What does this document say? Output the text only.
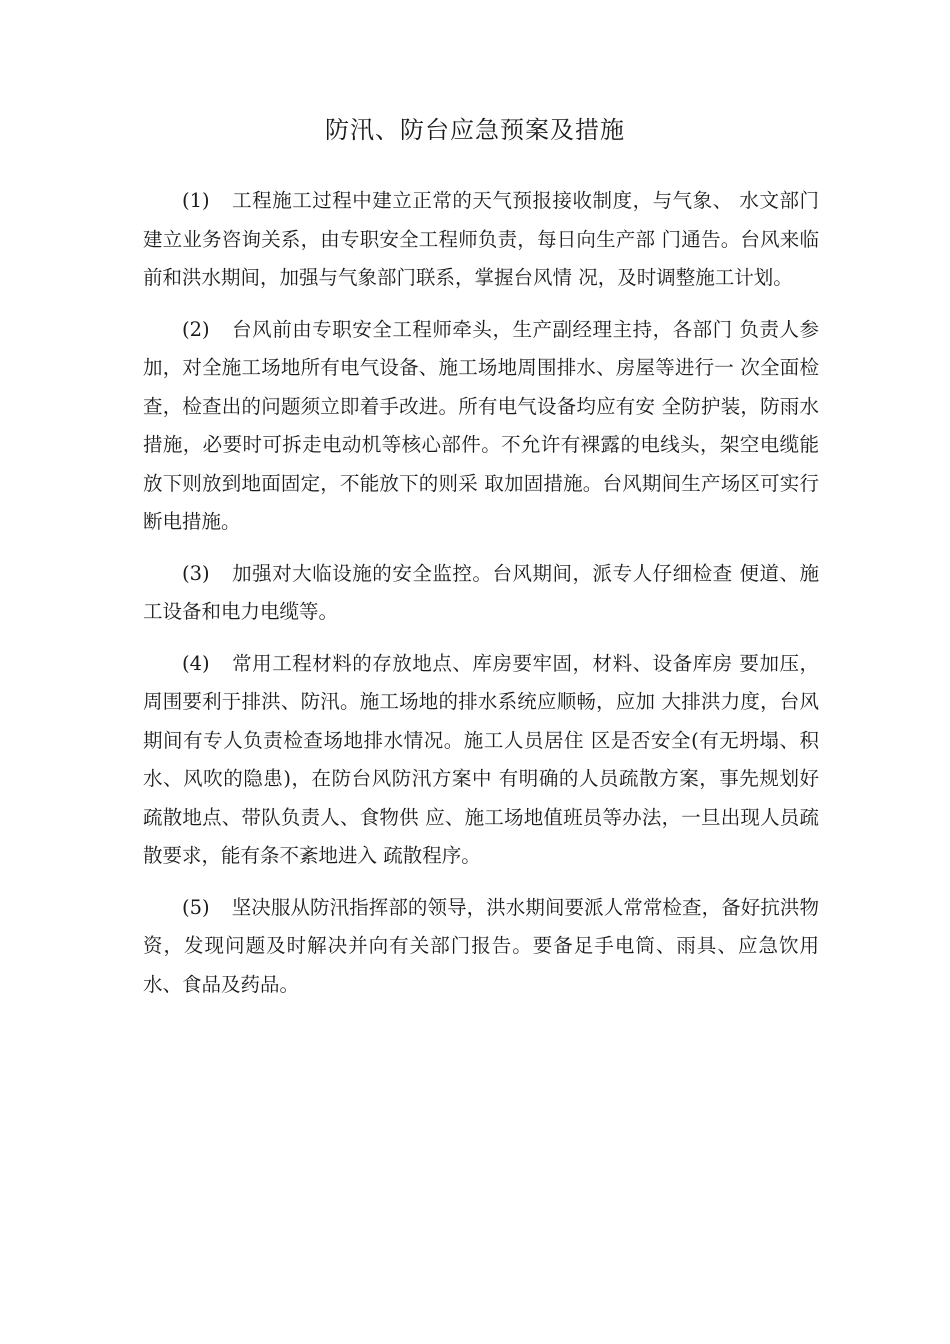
防汛、防台应急预案及措施

(1) 工程施工过程中建立正常的天气预报接收制度，与气象、 水文部门建立业务咨询关系，由专职安全工程师负责，每日向生产部 门通告。台风来临前和洪水期间，加强与气象部门联系，掌握台风情 况，及时调整施工计划。

(2) 台风前由专职安全工程师牵头，生产副经理主持，各部门 负责人参加，对全施工场地所有电气设备、施工场地周围排水、房屋等进行一 次全面检查，检查出的问题须立即着手改进。所有电气设备均应有安 全防护装，防雨水措施，必要时可拆走电动机等核心部件。不允许有裸露的电线头，架空电缆能放下则放到地面固定，不能放下的则采 取加固措施。台风期间生产场区可实行断电措施。

(3) 加强对大临设施的安全监控。台风期间，派专人仔细检查 便道、施工设备和电力电缆等。

(4) 常用工程材料的存放地点、库房要牢固，材料、设备库房 要加压，周围要利于排洪、防汛。施工场地的排水系统应顺畅，应加 大排洪力度，台风期间有专人负责检查场地排水情况。施工人员居住 区是否安全(有无坍塌、积水、风吹的隐患)，在防台风防汛方案中 有明确的人员疏散方案，事先规划好疏散地点、带队负责人、食物供 应、施工场地值班员等办法，一旦出现人员疏散要求，能有条不紊地进入 疏散程序。

(5) 坚决服从防汛指挥部的领导，洪水期间要派人常常检查，备好抗洪物资，发现问题及时解决并向有关部门报告。要备足手电筒、雨具、应急饮用水、食品及药品。
